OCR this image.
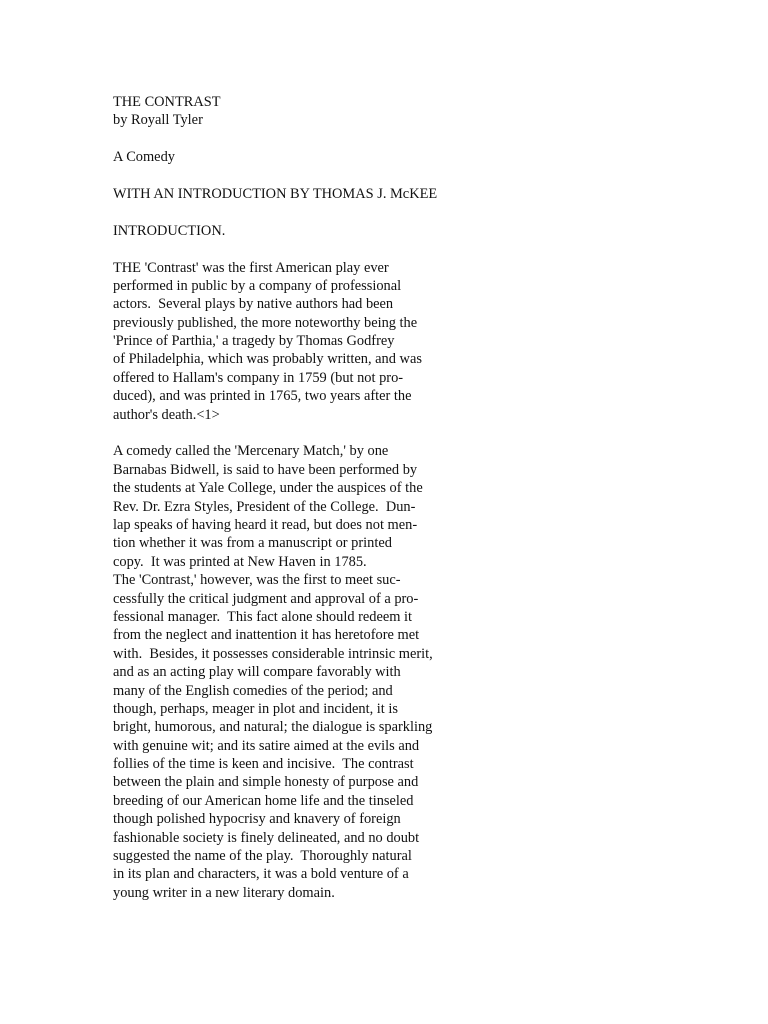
THE CONTRAST
by Royall Tyler
A Comedy
WITH AN INTRODUCTION BY THOMAS J. McKEE
INTRODUCTION.
THE 'Contrast' was the first American play ever
performed in public by a company of professional
actors.  Several plays by native authors had been
previously published, the more noteworthy being the
'Prince of Parthia,' a tragedy by Thomas Godfrey
of Philadelphia, which was probably written, and was
offered to Hallam's company in 1759 (but not pro-
duced), and was printed in 1765, two years after the
author's death.<1>
A comedy called the 'Mercenary Match,' by one
Barnabas Bidwell, is said to have been performed by
the students at Yale College, under the auspices of the
Rev. Dr. Ezra Styles, President of the College.  Dun-
lap speaks of having heard it read, but does not men-
tion whether it was from a manuscript or printed
copy.  It was printed at New Haven in 1785.
The 'Contrast,' however, was the first to meet suc-
cessfully the critical judgment and approval of a pro-
fessional manager.  This fact alone should redeem it
from the neglect and inattention it has heretofore met
with.  Besides, it possesses considerable intrinsic merit,
and as an acting play will compare favorably with
many of the English comedies of the period; and
though, perhaps, meager in plot and incident, it is
bright, humorous, and natural; the dialogue is sparkling
with genuine wit; and its satire aimed at the evils and
follies of the time is keen and incisive.  The contrast
between the plain and simple honesty of purpose and
breeding of our American home life and the tinseled
though polished hypocrisy and knavery of foreign
fashionable society is finely delineated, and no doubt
suggested the name of the play.  Thoroughly natural
in its plan and characters, it was a bold venture of a
young writer in a new literary domain.
